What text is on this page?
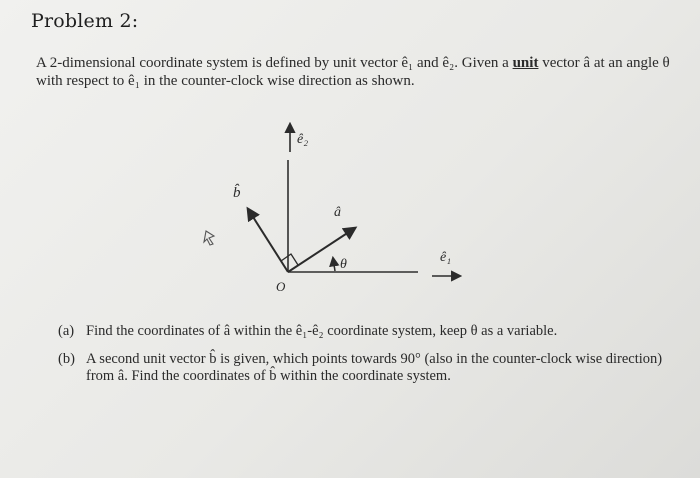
Problem 2:
A 2-dimensional coordinate system is defined by unit vector ê₁ and ê₂. Given a unit vector â at an angle θ with respect to ê₁ in the counter-clock wise direction as shown.
ê₂
b̂
â
θ
O
ê₁
(a) Find the coordinates of â within the ê₁-ê₂ coordinate system, keep θ as a variable.
(b) A second unit vector b̂ is given, which points towards 90° (also in the counter-clock wise direction) from â. Find the coordinates of b̂ within the coordinate system.
